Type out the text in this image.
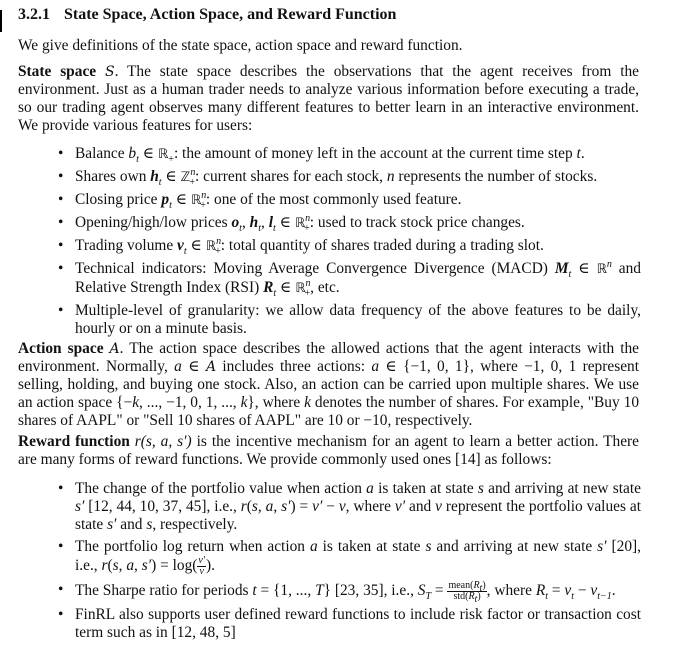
3.2.1 State Space, Action Space, and Reward Function
We give definitions of the state space, action space and reward function.
State space S. The state space describes the observations that the agent receives from the environment. Just as a human trader needs to analyze various information before executing a trade, so our trading agent observes many different features to better learn in an interactive environment. We provide various features for users:
• Balance $b_t$ ∈ ℝ$_+$: the amount of money left in the account at the current time step t.
• Shares own $h_t$ ∈ ℤ$^n_+$: current shares for each stock, n represents the number of stocks.
• Closing price $p_t$ ∈ ℝ$^n_+$: one of the most commonly used feature.
• Opening/high/low prices $o_t$, $h_t$, $l_t$ ∈ ℝ$^n_+$: used to track stock price changes.
• Trading volume $v_t$ ∈ ℝ$^n_+$: total quantity of shares traded during a trading slot.
• Technical indicators: Moving Average Convergence Divergence (MACD) $M_t$ ∈ ℝ$^n$ and Relative Strength Index (RSI) $R_t$ ∈ ℝ$^n_+$, etc.
• Multiple-level of granularity: we allow data frequency of the above features to be daily, hourly or on a minute basis.
Action space A. The action space describes the allowed actions that the agent interacts with the environment. Normally, a ∈ A includes three actions: a ∈ {−1, 0, 1}, where −1, 0, 1 represent selling, holding, and buying one stock. Also, an action can be carried upon multiple shares. We use an action space {−k, ..., −1, 0, 1, ..., k}, where k denotes the number of shares. For example, "Buy 10 shares of AAPL" or "Sell 10 shares of AAPL" are 10 or −10, respectively.
Reward function r(s, a, s′) is the incentive mechanism for an agent to learn a better action. There are many forms of reward functions. We provide commonly used ones [14] as follows:
• The change of the portfolio value when action a is taken at state s and arriving at new state s′ [12, 44, 10, 37, 45], i.e., r(s, a, s′) = v′ − v, where v′ and v represent the portfolio values at state s′ and s, respectively.
• The portfolio log return when action a is taken at state s and arriving at new state s′ [20], i.e., r(s, a, $s') = \log( \frac{v'}{v}$ ).
• The Sharpe ratio for periods t = {1, ..., T} [23, 35], i.e., $S_T = \frac{mean(R_t)}{std(R_t)}$ , where $R_t = v_t - v_{t-1}$.
• FinRL also supports user defined reward functions to include risk factor or transaction cost term such as in [12, 48, 5]
